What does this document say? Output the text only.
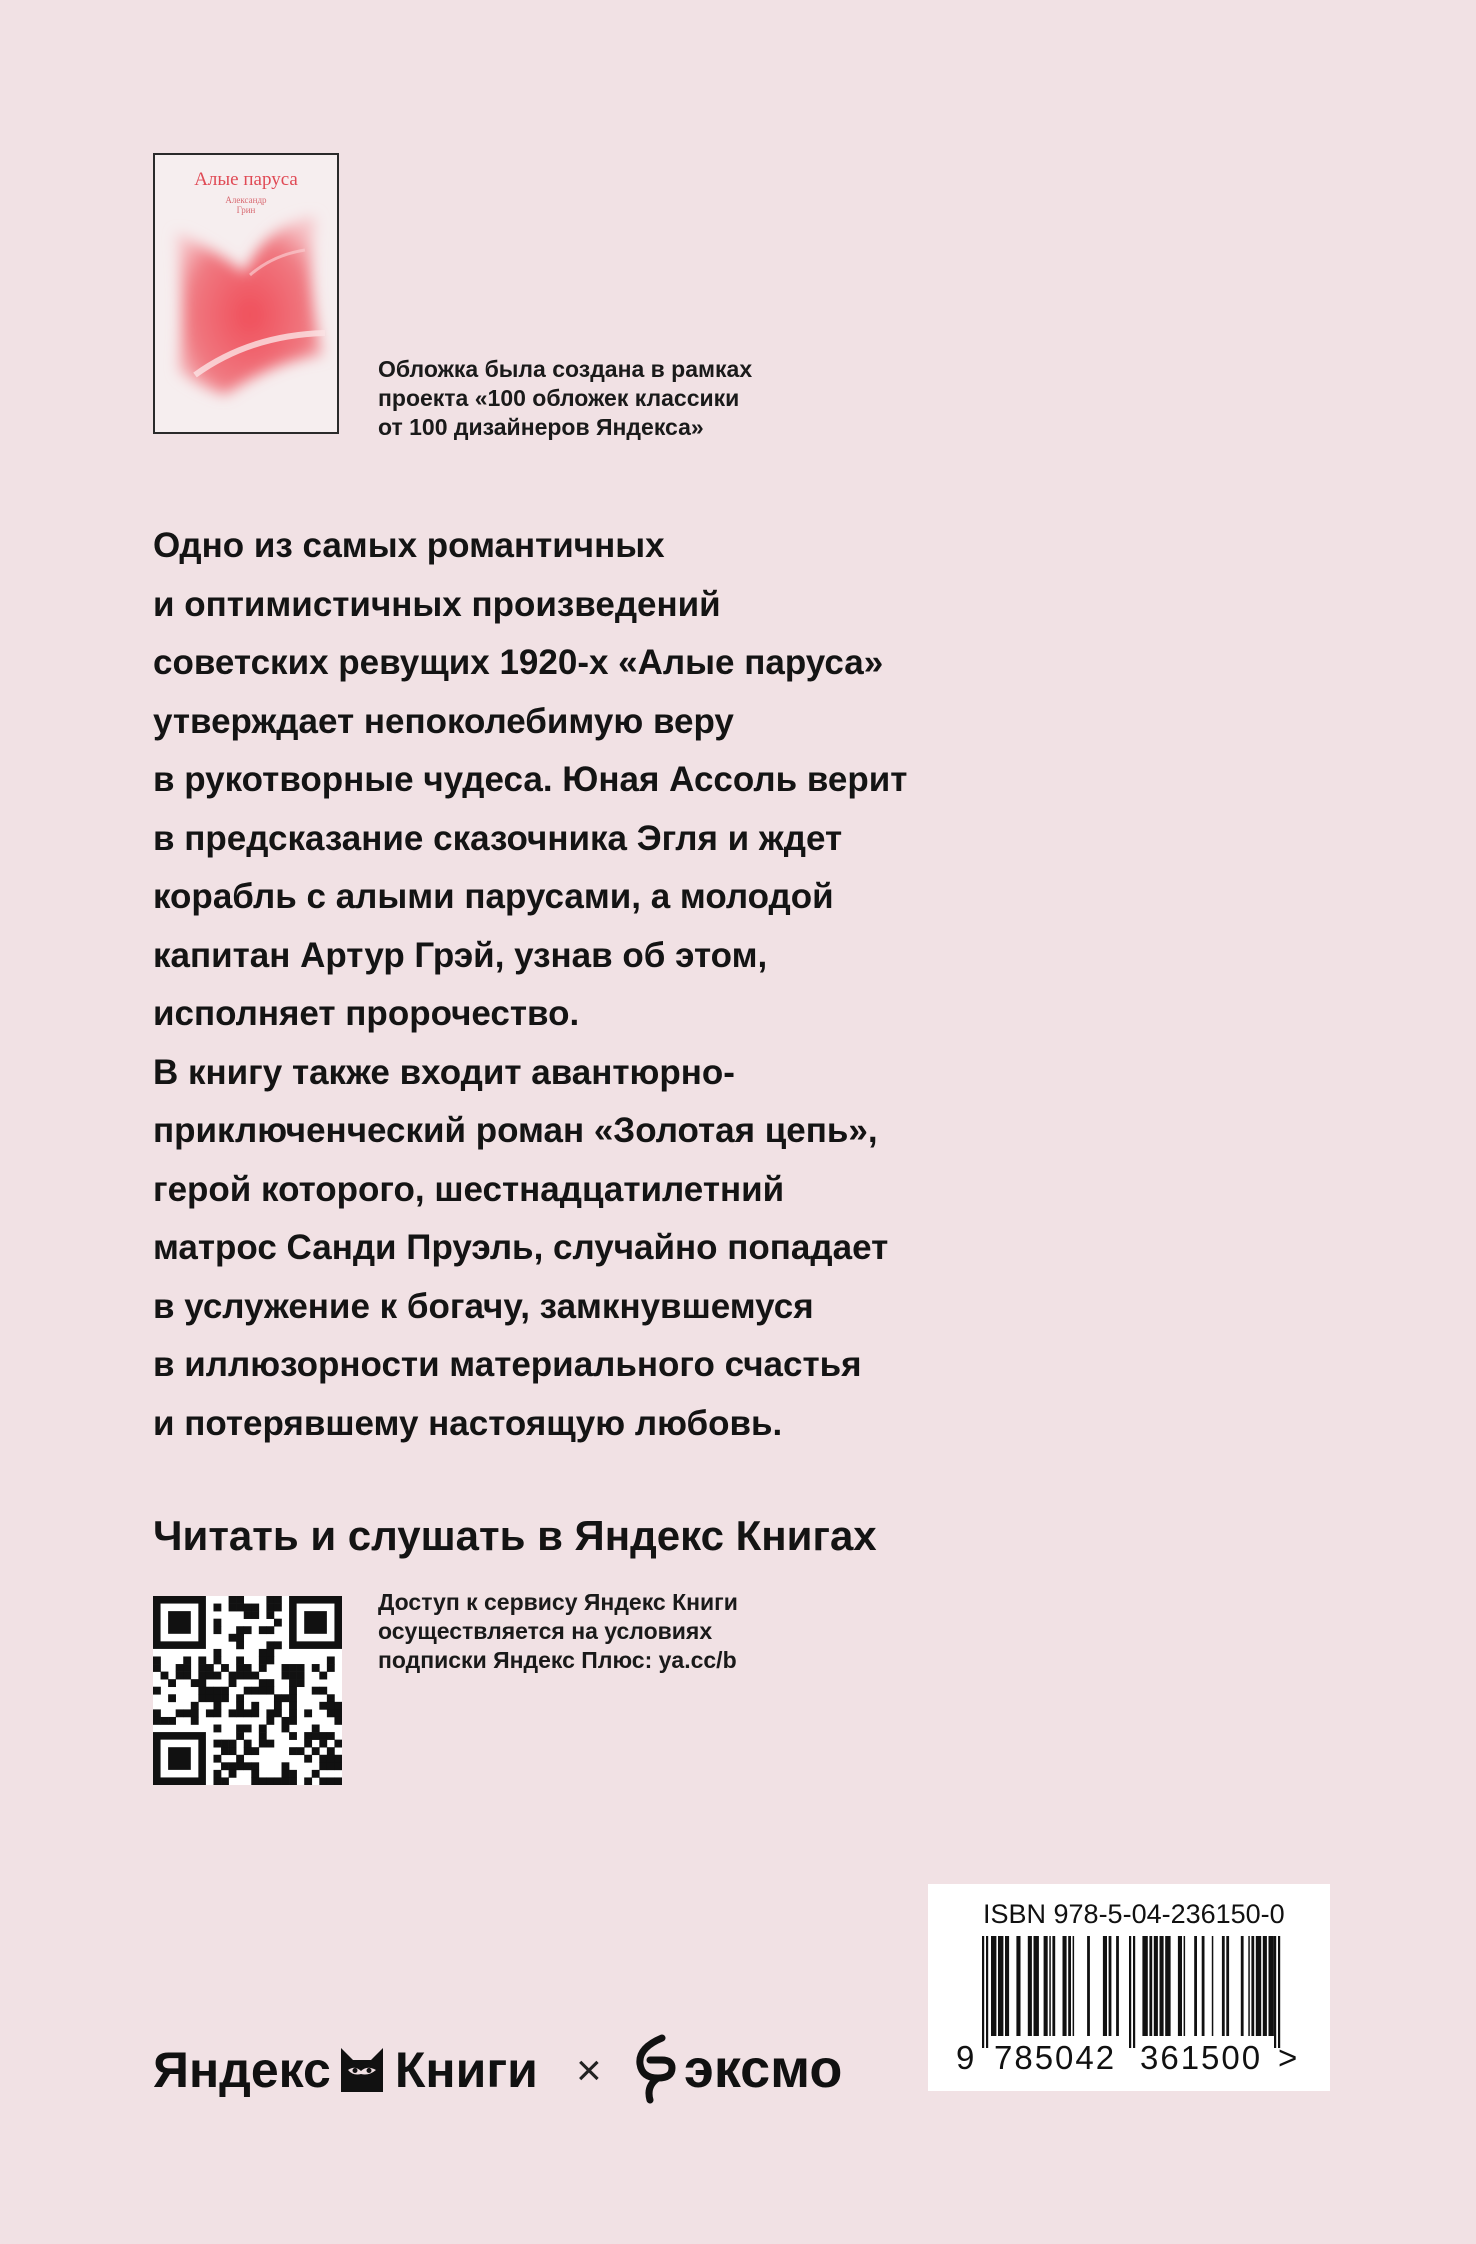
Алые паруса
Александр
Грин
Обложка была создана в рамках
проекта «100 обложек классики
от 100 дизайнеров Яндекса»
Одно из самых романтичных
и оптимистичных произведений
советских ревущих 1920-х «Алые паруса»
утверждает непоколебимую веру
в рукотворные чудеса. Юная Ассоль верит
в предсказание сказочника Эгля и ждет
корабль с алыми парусами, а молодой
капитан Артур Грэй, узнав об этом,
исполняет пророчество.
В книгу также входит авантюрно-
приключенческий роман «Золотая цепь»,
герой которого, шестнадцатилетний
матрос Санди Пруэль, случайно попадает
в услужение к богачу, замкнувшемуся
в иллюзорности материального счастья
и потерявшему настоящую любовь.
Читать и слушать в Яндекс Книгах
Доступ к сервису Яндекс Книги
осуществляется на условиях
подписки Яндекс Плюс: ya.cc/b
ISBN 978-5-04-236150-0
9 785042 361500 >
Яндекс Книги × эксмо
